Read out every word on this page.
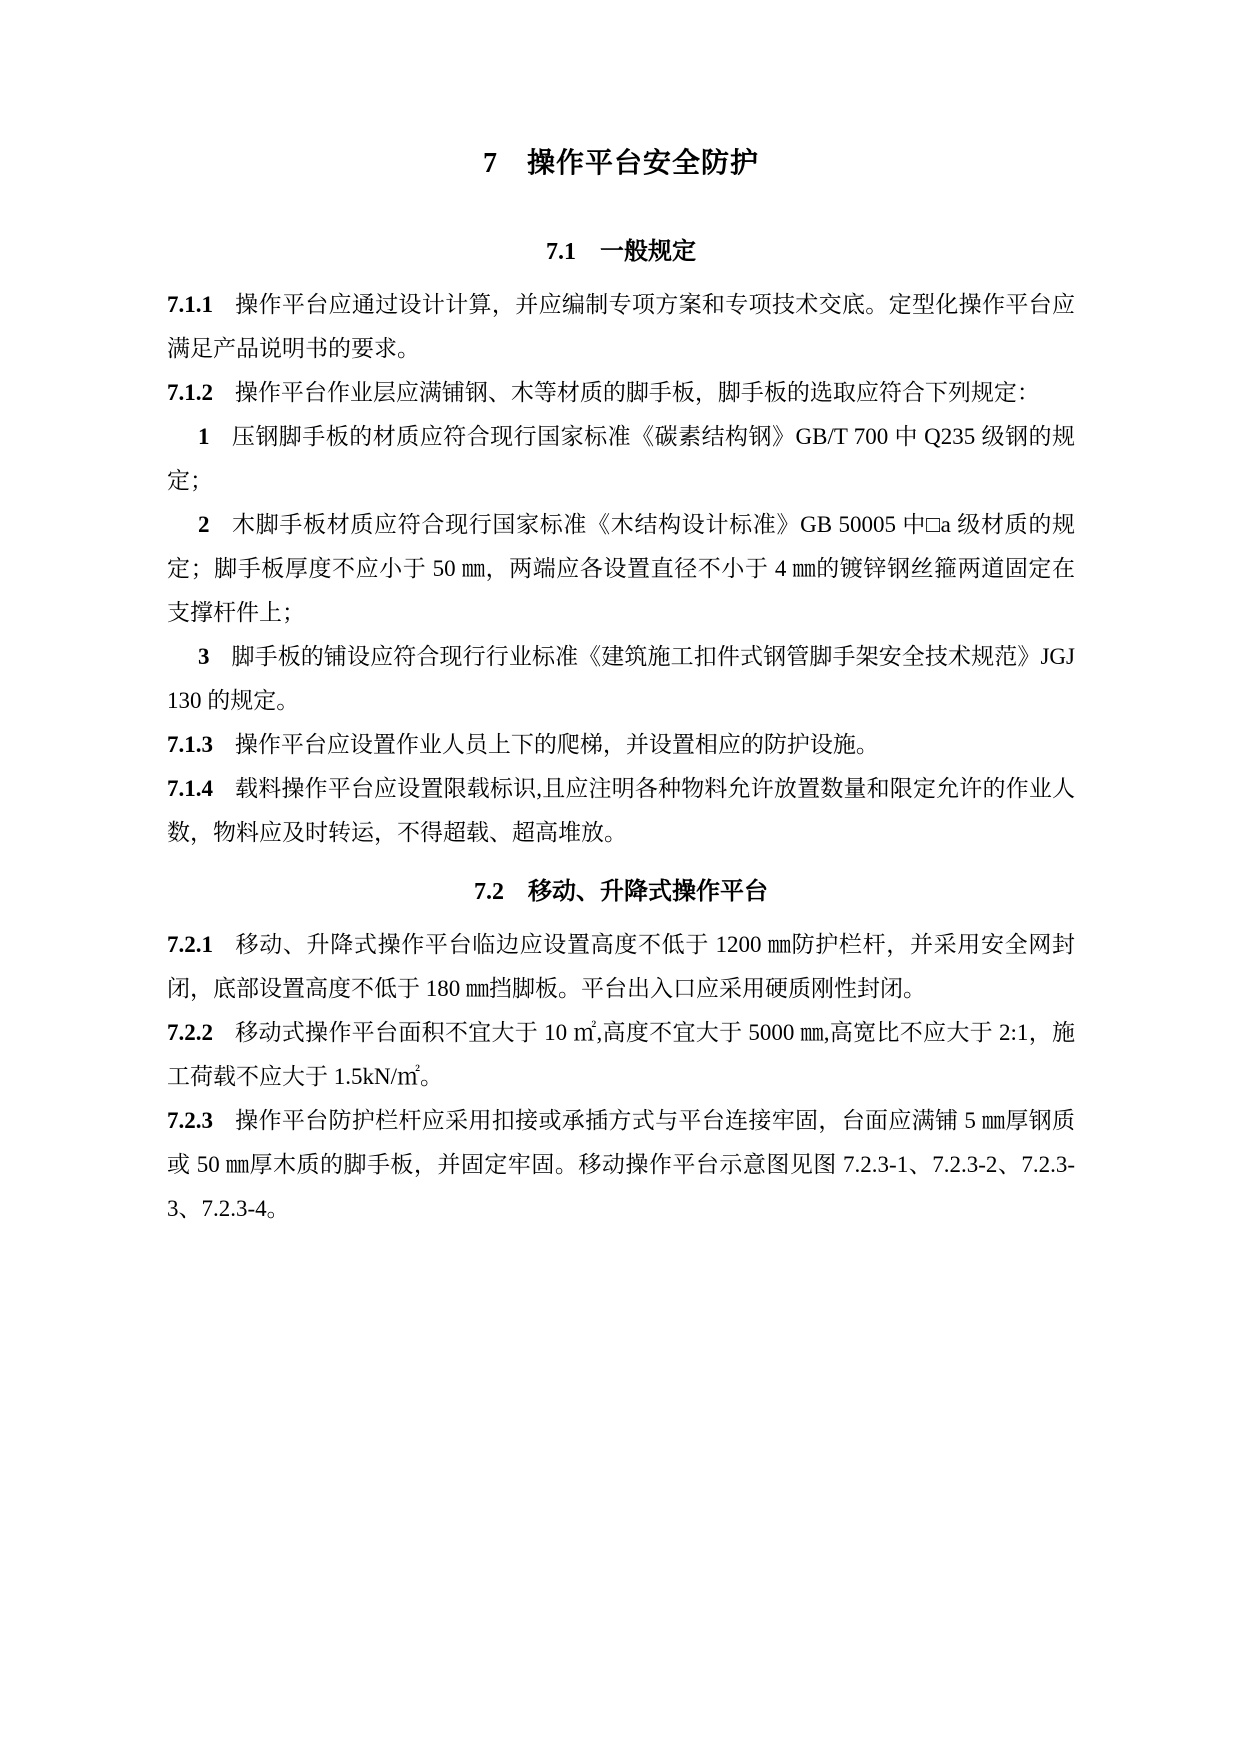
7　操作平台安全防护
7.1　一般规定

7.1.1 操作平台应通过设计计算，并应编制专项方案和专项技术交底。定型化操作平台应满足产品说明书的要求。

7.1.2 操作平台作业层应满铺钢、木等材质的脚手板，脚手板的选取应符合下列规定：

1 压钢脚手板的材质应符合现行国家标准《碳素结构钢》GB/T 700 中 Q235 级钢的规定；

2 木脚手板材质应符合现行国家标准《木结构设计标准》GB 50005 中□a 级材质的规定；脚手板厚度不应小于 50 ㎜，两端应各设置直径不小于 4 ㎜的镀锌钢丝箍两道固定在支撑杆件上；

3 脚手板的铺设应符合现行行业标准《建筑施工扣件式钢管脚手架安全技术规范》JGJ 130 的规定。

7.1.3 操作平台应设置作业人员上下的爬梯，并设置相应的防护设施。

7.1.4 载料操作平台应设置限载标识,且应注明各种物料允许放置数量和限定允许的作业人数，物料应及时转运，不得超载、超高堆放。

7.2　移动、升降式操作平台

7.2.1 移动、升降式操作平台临边应设置高度不低于 1200 ㎜防护栏杆，并采用安全网封闭，底部设置高度不低于 180 ㎜挡脚板。平台出入口应采用硬质刚性封闭。

7.2.2 移动式操作平台面积不宜大于 10 ㎡,高度不宜大于 5000 ㎜,高宽比不应大于 2:1，施工荷载不应大于 1.5kN/㎡。

7.2.3 操作平台防护栏杆应采用扣接或承插方式与平台连接牢固，台面应满铺 5 ㎜厚钢质或 50 ㎜厚木质的脚手板，并固定牢固。移动操作平台示意图见图 7.2.3-1、7.2.3-2、7.2.3-3、7.2.3-4。
